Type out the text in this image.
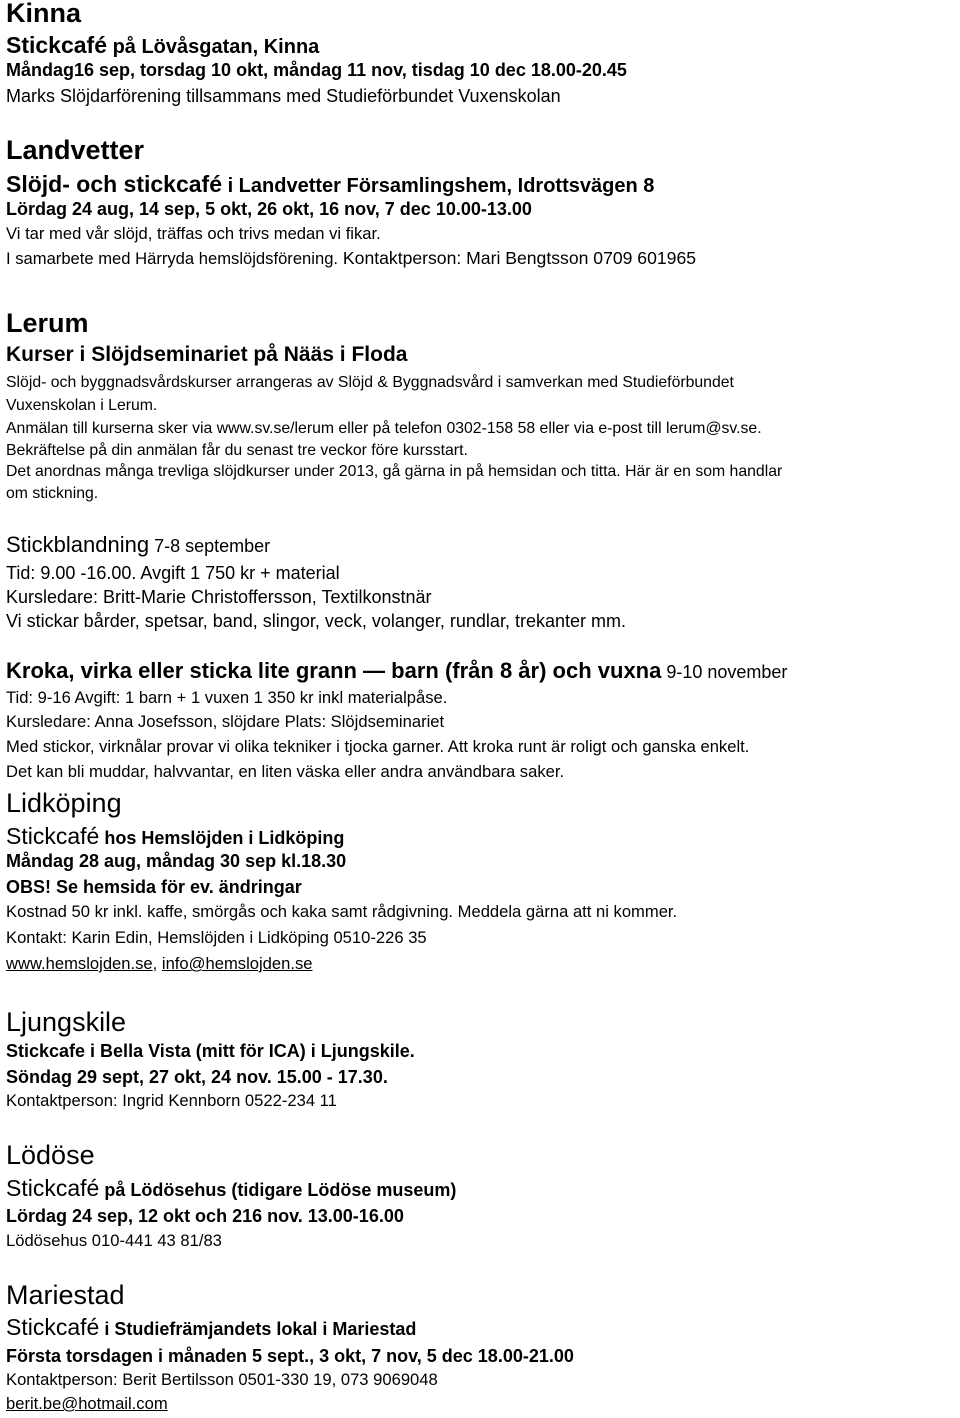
Kinna
Stickcafé på Lövåsgatan, Kinna
Måndag16 sep, torsdag 10 okt, måndag 11 nov, tisdag 10 dec 18.00-20.45
Marks Slöjdarförening tillsammans med Studieförbundet Vuxenskolan
Landvetter
Slöjd- och stickcafé i Landvetter Församlingshem, Idrottsvägen 8
Lördag 24 aug, 14 sep, 5 okt, 26 okt, 16 nov, 7 dec 10.00-13.00
Vi tar med vår slöjd, träffas och trivs medan vi fikar.
I samarbete med Härryda hemslöjdsförening. Kontaktperson: Mari Bengtsson 0709 601965
Lerum
Kurser i Slöjdseminariet på Nääs i Floda
Slöjd- och byggnadsvårdskurser arrangeras av Slöjd & Byggnadsvård i samverkan med Studieförbundet
Vuxenskolan i Lerum.
Anmälan till kurserna sker via www.sv.se/lerum eller på telefon 0302-158 58 eller via e-post till lerum@sv.se.
Bekräftelse på din anmälan får du senast tre veckor före kursstart.
Det anordnas många trevliga slöjdkurser under 2013, gå gärna in på hemsidan och titta. Här är en som handlar
om stickning.
Stickblandning 7-8 september
Tid: 9.00 -16.00. Avgift 1 750 kr + material
Kursledare: Britt-Marie Christoffersson, Textilkonstnär
Vi stickar bårder, spetsar, band, slingor, veck, volanger, rundlar, trekanter mm.
Kroka, virka eller sticka lite grann — barn (från 8 år) och vuxna 9-10 november
Tid: 9-16 Avgift: 1 barn + 1 vuxen 1 350 kr inkl materialpåse.
Kursledare: Anna Josefsson, slöjdare Plats: Slöjdseminariet
Med stickor, virknålar provar vi olika tekniker i tjocka garner. Att kroka runt är roligt och ganska enkelt.
Det kan bli muddar, halvvantar, en liten väska eller andra användbara saker.
Lidköping
Stickcafé hos Hemslöjden i Lidköping
Måndag 28 aug, måndag 30 sep kl.18.30
OBS! Se hemsida för ev. ändringar
Kostnad 50 kr inkl. kaffe, smörgås och kaka samt rådgivning. Meddela gärna att ni kommer.
Kontakt: Karin Edin, Hemslöjden i Lidköping 0510-226 35
www.hemslojden.se, info@hemslojden.se
Ljungskile
Stickcafe i Bella Vista (mitt för ICA) i Ljungskile.
Söndag 29 sept, 27 okt, 24 nov. 15.00 - 17.30.
Kontaktperson: Ingrid Kennborn 0522-234 11
Lödöse
Stickcafé på Lödösehus (tidigare Lödöse museum)
Lördag 24 sep, 12 okt och 216 nov. 13.00-16.00
Lödösehus 010-441 43 81/83
Mariestad
Stickcafé i Studiefrämjandets lokal i Mariestad
Första torsdagen i månaden 5 sept., 3 okt, 7 nov, 5 dec 18.00-21.00
Kontaktperson: Berit Bertilsson 0501-330 19, 073 9069048
berit.be@hotmail.com
